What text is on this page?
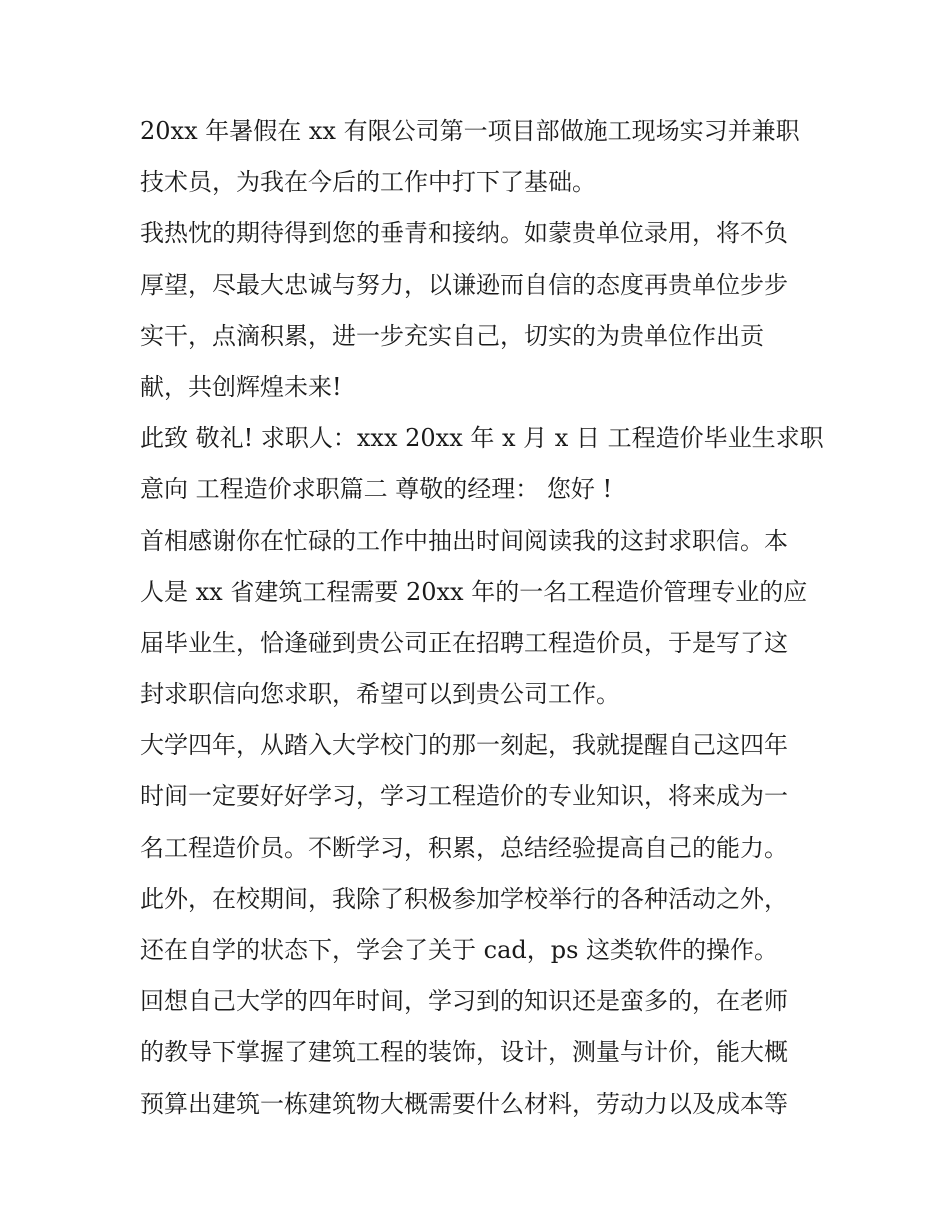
20xx 年暑假在 xx 有限公司第一项目部做施工现场实习并兼职
技术员，为我在今后的工作中打下了基础。
我热忱的期待得到您的垂青和接纳。如蒙贵单位录用，将不负
厚望，尽最大忠诚与努力，以谦逊而自信的态度再贵单位步步
实干，点滴积累，进一步充实自己，切实的为贵单位作出贡
献，共创辉煌未来!
此致 敬礼! 求职人：xxx 20xx 年 x 月 x 日 工程造价毕业生求职
意向 工程造价求职篇二 尊敬的经理： 您好 !
首相感谢你在忙碌的工作中抽出时间阅读我的这封求职信。本
人是 xx 省建筑工程需要 20xx 年的一名工程造价管理专业的应
届毕业生，恰逢碰到贵公司正在招聘工程造价员，于是写了这
封求职信向您求职，希望可以到贵公司工作。
大学四年，从踏入大学校门的那一刻起，我就提醒自己这四年
时间一定要好好学习，学习工程造价的专业知识，将来成为一
名工程造价员。不断学习，积累，总结经验提高自己的能力。
此外，在校期间，我除了积极参加学校举行的各种活动之外，
还在自学的状态下，学会了关于 cad，ps 这类软件的操作。
回想自己大学的四年时间，学习到的知识还是蛮多的，在老师
的教导下掌握了建筑工程的装饰，设计，测量与计价，能大概
预算出建筑一栋建筑物大概需要什么材料，劳动力以及成本等
